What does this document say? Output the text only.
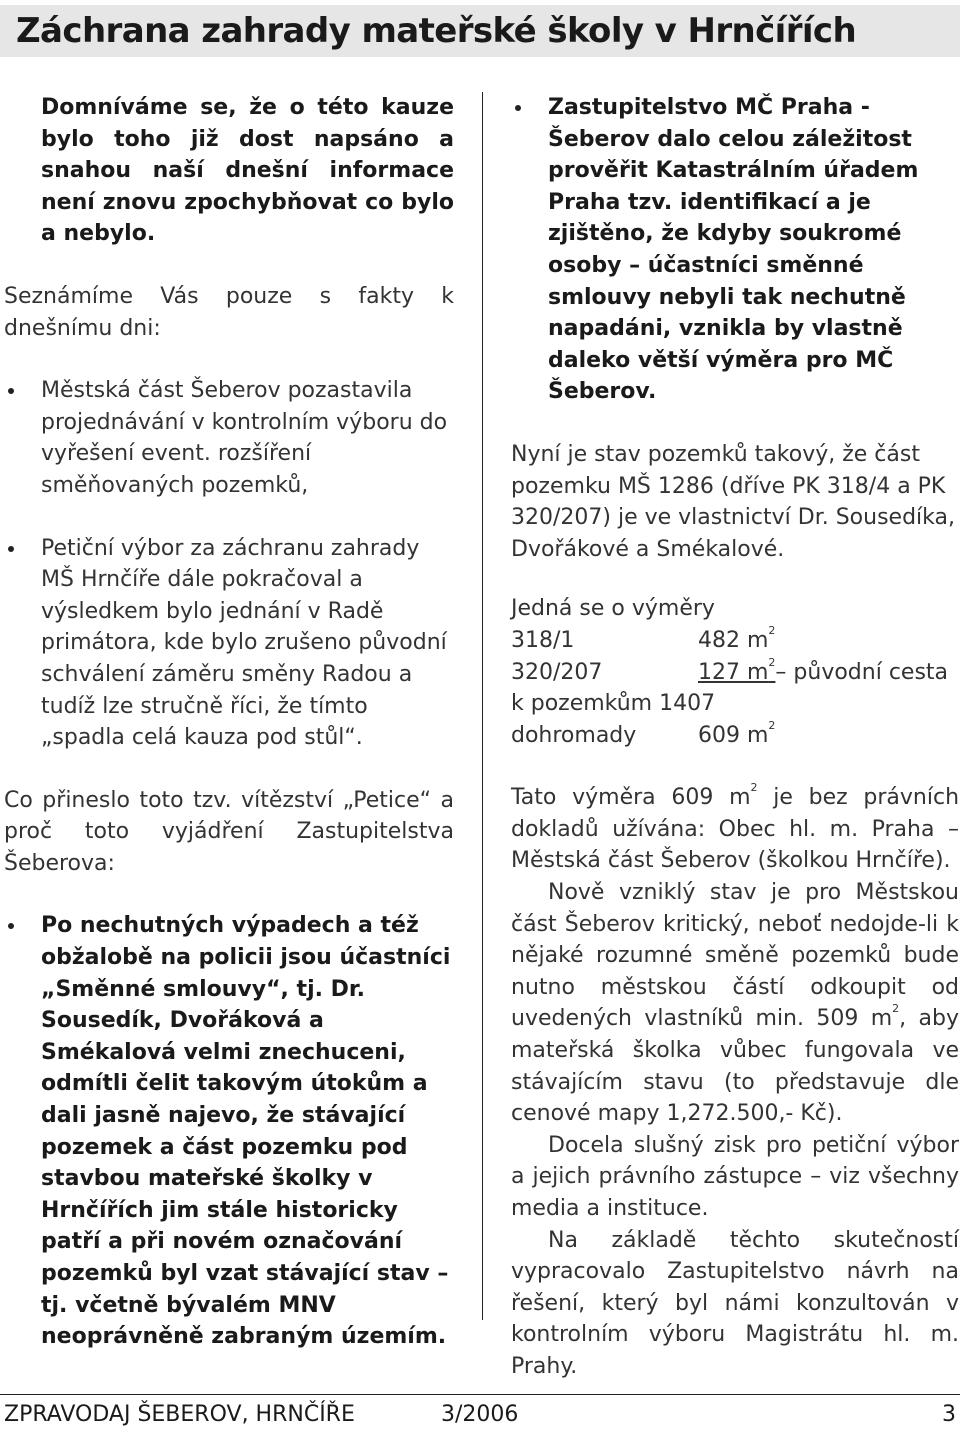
Záchrana zahrady mateřské školy v Hrnčířích

Domníváme se, že o této kauze bylo toho již dost napsáno a snahou naší dnešní informace není znovu zpochybňovat co bylo a nebylo.

Seznámíme Vás pouze s fakty k dnešnímu dni:

Městská část Šeberov pozastavila projednávání v kontrolním výboru do vyřešení event. rozšíření směňovaných pozemků,

Petiční výbor za záchranu zahrady MŠ Hrnčíře dále pokračoval a výsledkem bylo jednání v Radě primátora, kde bylo zrušeno původní schválení záměru směny Radou a tudíž lze stručně říci, že tímto „spadla celá kauza pod stůl“.

Co přineslo toto tzv. vítězství „Petice“ a proč toto vyjádření Zastupitelstva Šeberova:

Po nechutných výpadech a též obžalobě na policii jsou účastníci „Směnné smlouvy“, tj. Dr. Sousedík, Dvořáková a Smékalová velmi znechuceni, odmítli čelit takovým útokům a dali jasně najevo, že stávající pozemek a část pozemku pod stavbou mateřské školky v Hrnčířích jim stále historicky patří a při novém označování pozemků byl vzat stávající stav – tj. včetně bývalém MNV neoprávněně zabraným územím.

Zastupitelstvo MČ Praha - Šeberov dalo celou záležitost prověřit Katastrálním úřadem Praha tzv. identifikací a je zjištěno, že kdyby soukromé osoby – účastníci směnné smlouvy nebyli tak nechutně napadáni, vznikla by vlastně daleko větší výměra pro MČ Šeberov.

Nyní je stav pozemků takový, že část pozemku MŠ 1286 (dříve PK 318/4 a PK 320/207) je ve vlastnictví Dr. Sousedíka, Dvořákové a Smékalové.

Jedná se o výměry
318/1	482 $m^2$
320/207	127 $m^2$ – původní cesta
k pozemkům 1407
dohromady	609 $m^2$

Tato výměra 609 $m^2$ je bez právních dokladů užívána: Obec hl. m. Praha – Městská část Šeberov (školkou Hrnčíře).

Nově vzniklý stav je pro Městskou část Šeberov kritický, neboť nedojde-li k nějaké rozumné směně pozemků bude nutno městskou částí odkoupit od uvedených vlastníků min. 509 $m^2$, aby mateřská školka vůbec fungovala ve stávajícím stavu (to představuje dle cenové mapy 1,272.500,- Kč).

Docela slušný zisk pro petiční výbor a jejich právního zástupce – viz všechny media a instituce.

Na základě těchto skutečností vypracovalo Zastupitelstvo návrh na řešení, který byl námi konzultován v kontrolním výboru Magistrátu hl. m. Prahy.

ZPRAVODAJ ŠEBEROV, HRNČÍŘE	3/2006	3
